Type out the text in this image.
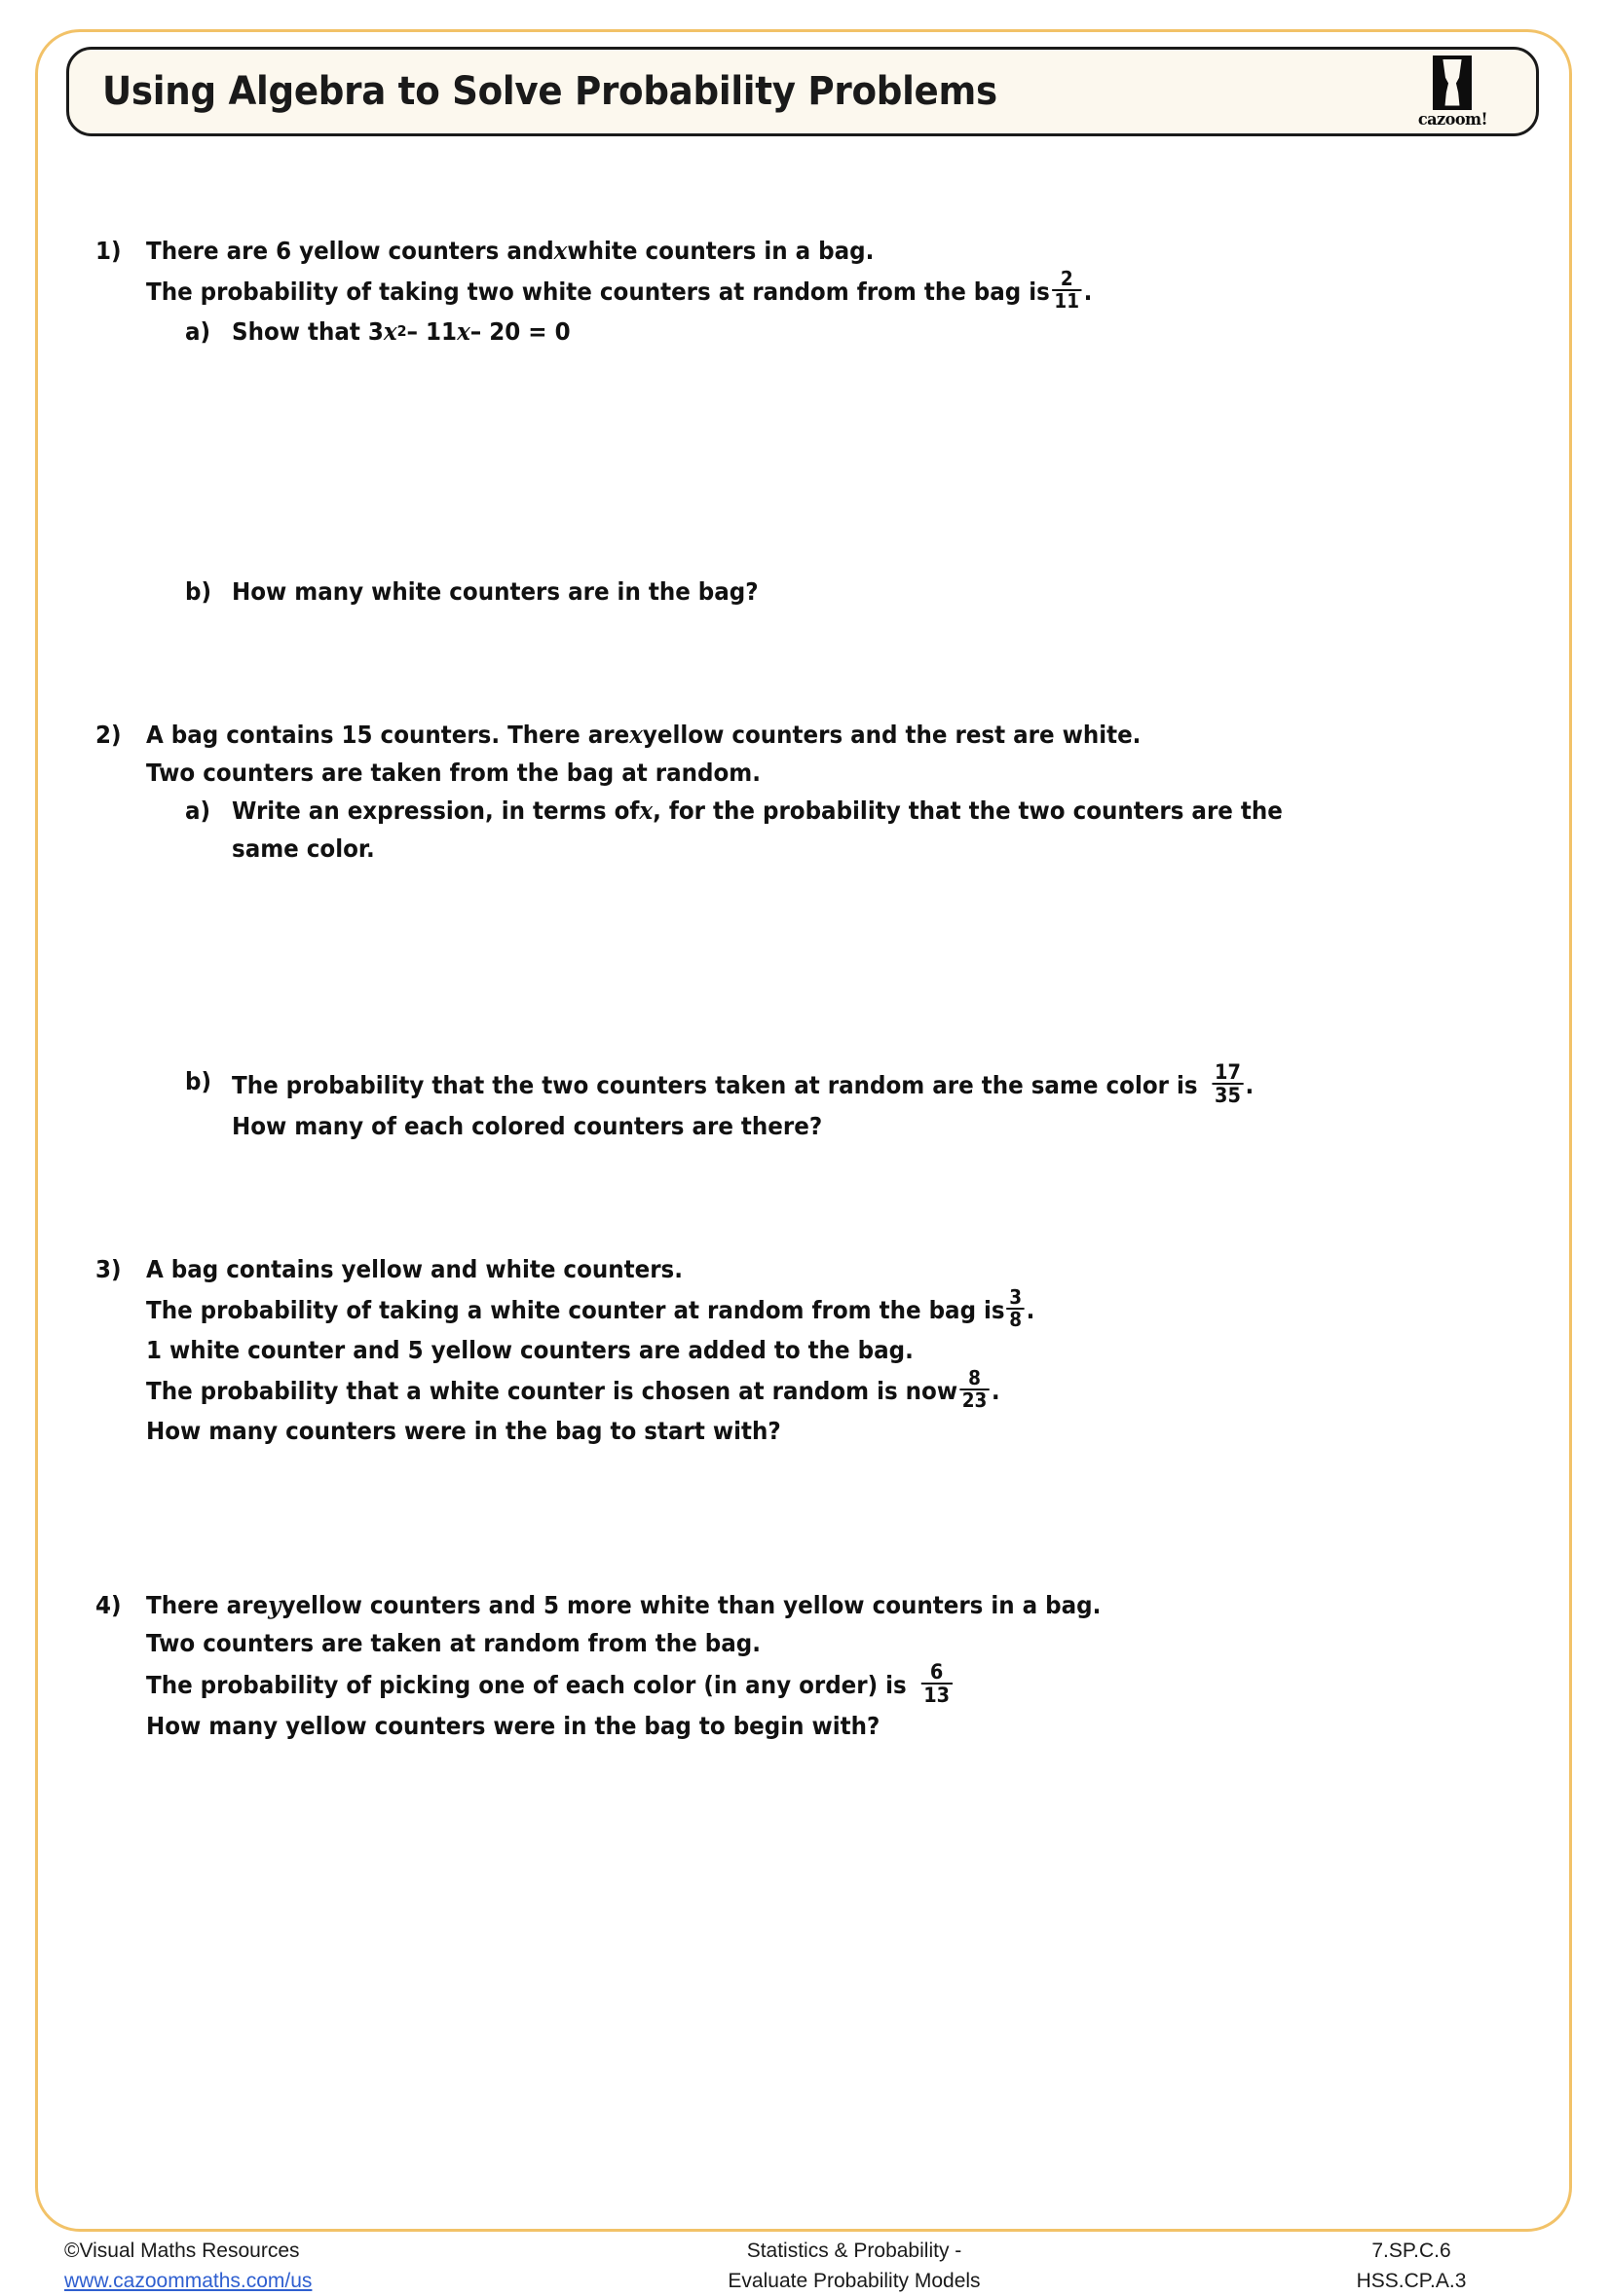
Using Algebra to Solve Probability Problems
cazoom!
1)	There are 6 yellow counters and x white counters in a bag.
The probability of taking two white counters at random from the bag is $\frac{2}{11}$ .
a) Show that 3 x 2 – 11 x – 20 = 0
b) How many white counters are in the bag?
2)	A bag contains 15 counters. There are x yellow counters and the rest are white.
Two counters are taken from the bag at random.
a) Write an expression, in terms of x , for the probability that the two counters are the
same color.
b) The probability that the two counters taken at random are the same color is $\frac{17}{35}$ .
How many of each colored counters are there?
3)	A bag contains yellow and white counters.
The probability of taking a white counter at random from the bag is $\frac{3}{8}$ .
1 white counter and 5 yellow counters are added to the bag.
The probability that a white counter is chosen at random is now $\frac{8}{23}$ .
How many counters were in the bag to start with?
4)	There are y yellow counters and 5 more white than yellow counters in a bag.
Two counters are taken at random from the bag.
The probability of picking one of each color (in any order) is $\frac{6}{13}$
How many yellow counters were in the bag to begin with?
©Visual Maths Resources
www.cazoommaths.com/us
Statistics & Probability -
Evaluate Probability Models
7.SP.C.6
HSS.CP.A.3
